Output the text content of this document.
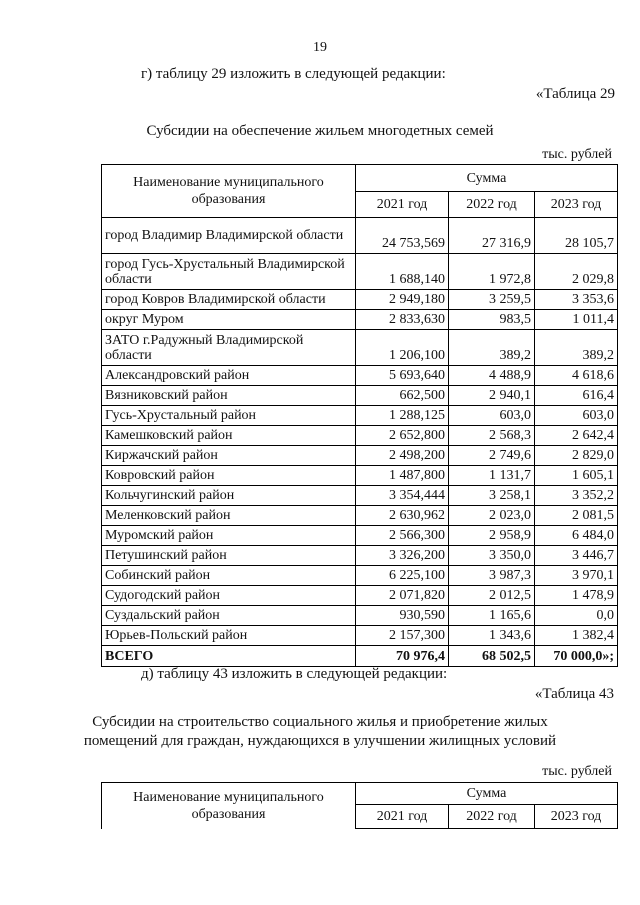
19
г) таблицу 29 изложить в следующей редакции:
«Таблица 29
Субсидии на обеспечение жильем многодетных семей
тыс. рублей
Наименование муниципального образования	Сумма		
	2021 год	2022 год	2023 год
город Владимир Владимирской области	24 753,569	27 316,9	28 105,7
город Гусь-Хрустальный Владимирской области	1 688,140	1 972,8	2 029,8
город Ковров Владимирской области	2 949,180	3 259,5	3 353,6
округ Муром	2 833,630	983,5	1 011,4
ЗАТО г.Радужный Владимирской области	1 206,100	389,2	389,2
Александровский район	5 693,640	4 488,9	4 618,6
Вязниковский район	662,500	2 940,1	616,4
Гусь-Хрустальный район	1 288,125	603,0	603,0
Камешковский район	2 652,800	2 568,3	2 642,4
Киржачский район	2 498,200	2 749,6	2 829,0
Ковровский район	1 487,800	1 131,7	1 605,1
Кольчугинский район	3 354,444	3 258,1	3 352,2
Меленковский район	2 630,962	2 023,0	2 081,5
Муромский район	2 566,300	2 958,9	6 484,0
Петушинский район	3 326,200	3 350,0	3 446,7
Собинский район	6 225,100	3 987,3	3 970,1
Судогодский район	2 071,820	2 012,5	1 478,9
Суздальский район	930,590	1 165,6	0,0
Юрьев-Польский район	2 157,300	1 343,6	1 382,4
ВСЕГО	70 976,4	68 502,5	70 000,0»;
д) таблицу 43 изложить в следующей редакции:
«Таблица 43
Субсидии на строительство социального жилья и приобретение жилых
помещений для граждан, нуждающихся в улучшении жилищных условий
тыс. рублей
Наименование муниципального образования	Сумма		
	2021 год	2022 год	2023 год
